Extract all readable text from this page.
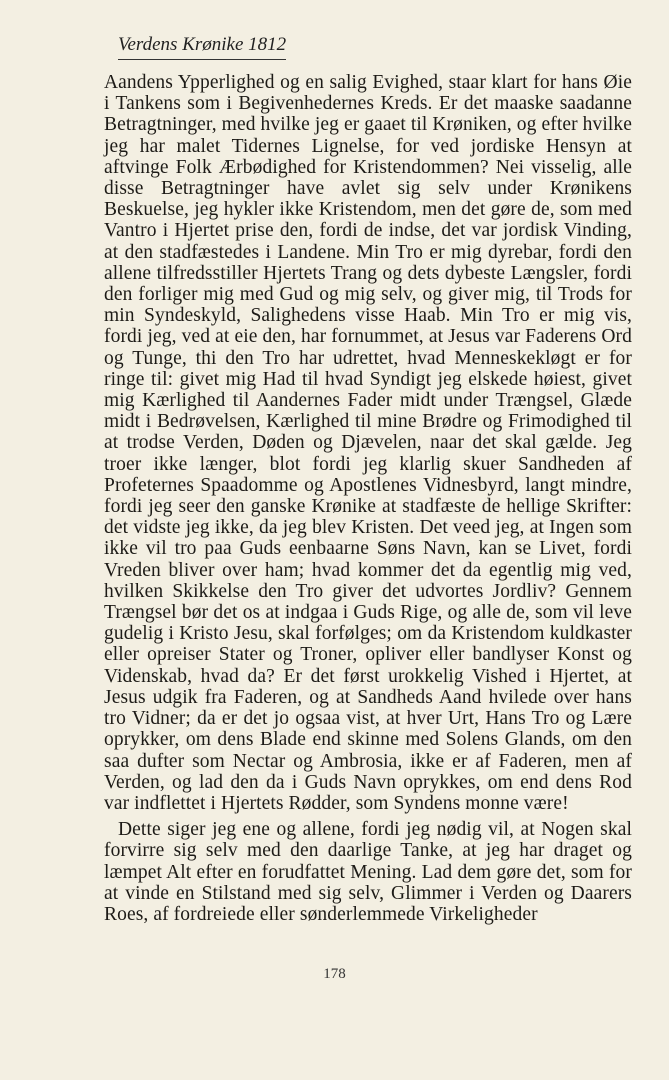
Verdens Krønike 1812

Aandens Ypperlighed og en salig Evighed, staar klart for hans Øie i Tankens som i Begivenhedernes Kreds. Er det maaske saadanne Betragtninger, med hvilke jeg er gaaet til Krøniken, og efter hvilke jeg har malet Tidernes Lignelse, for ved jordiske Hensyn at aftvinge Folk Ærbødighed for Kristendommen? Nei visselig, alle disse Betragtninger have avlet sig selv under Krønikens Beskuelse, jeg hykler ikke Kristendom, men det gøre de, som med Vantro i Hjertet prise den, fordi de indse, det var jordisk Vinding, at den stadfæstedes i Landene. Min Tro er mig dyrebar, fordi den allene tilfredsstiller Hjertets Trang og dets dybeste Længsler, fordi den forliger mig med Gud og mig selv, og giver mig, til Trods for min Syndeskyld, Salighedens visse Haab. Min Tro er mig vis, fordi jeg, ved at eie den, har fornummet, at Jesus var Faderens Ord og Tunge, thi den Tro har udrettet, hvad Menneskekløgt er for ringe til: givet mig Had til hvad Syndigt jeg elskede høiest, givet mig Kærlighed til Aandernes Fader midt under Trængsel, Glæde midt i Bedrøvelsen, Kærlighed til mine Brødre og Frimodighed til at trodse Verden, Døden og Djævelen, naar det skal gælde. Jeg troer ikke længer, blot fordi jeg klarlig skuer Sandheden af Profeternes Spaadomme og Apostlenes Vidnesbyrd, langt mindre, fordi jeg seer den ganske Krønike at stadfæste de hellige Skrifter: det vidste jeg ikke, da jeg blev Kristen. Det veed jeg, at Ingen som ikke vil tro paa Guds eenbaarne Søns Navn, kan se Livet, fordi Vreden bliver over ham; hvad kommer det da egentlig mig ved, hvilken Skikkelse den Tro giver det udvortes Jordliv? Gennem Trængsel bør det os at indgaa i Guds Rige, og alle de, som vil leve gudelig i Kristo Jesu, skal forfølges; om da Kristendom kuldkaster eller opreiser Stater og Troner, opliver eller bandlyser Konst og Videnskab, hvad da? Er det først urokkelig Vished i Hjertet, at Jesus udgik fra Faderen, og at Sandheds Aand hvilede over hans tro Vidner; da er det jo ogsaa vist, at hver Urt, Hans Tro og Lære oprykker, om dens Blade end skinne med Solens Glands, om den saa dufter som Nectar og Ambrosia, ikke er af Faderen, men af Verden, og lad den da i Guds Navn oprykkes, om end dens Rod var indflettet i Hjertets Rødder, som Syndens monne være!

Dette siger jeg ene og allene, fordi jeg nødig vil, at Nogen skal forvirre sig selv med den daarlige Tanke, at jeg har draget og læmpet Alt efter en forudfattet Mening. Lad dem gøre det, som for at vinde en Stilstand med sig selv, Glimmer i Verden og Daarers Roes, af fordreiede eller sønderlemmede Virkeligheder

178
